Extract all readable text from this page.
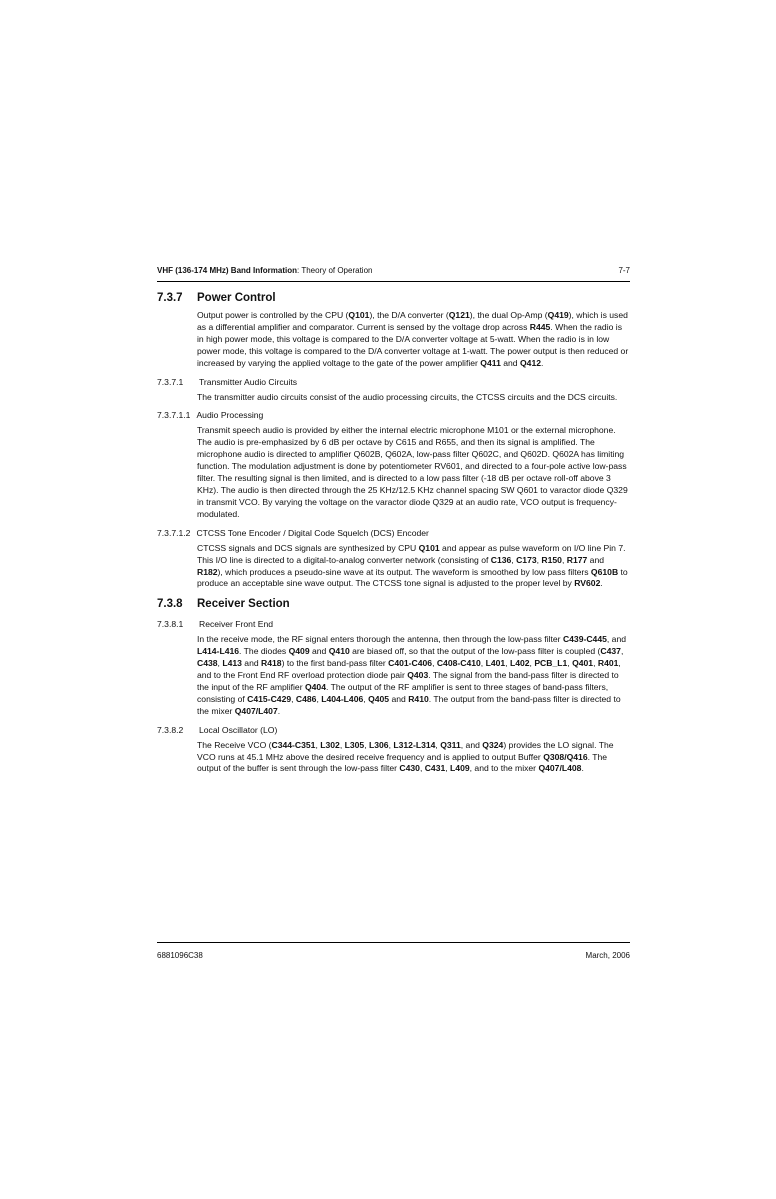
VHF (136-174 MHz) Band Information: Theory of Operation	7-7
7.3.7	Power Control

Output power is controlled by the CPU (Q101), the D/A converter (Q121), the dual Op-Amp (Q419), which is used as a differential amplifier and comparator. Current is sensed by the voltage drop across R445. When the radio is in high power mode, this voltage is compared to the D/A converter voltage at 5-watt. When the radio is in low power mode, this voltage is compared to the D/A converter voltage at 1-watt. The power output is then reduced or increased by varying the applied voltage to the gate of the power amplifier Q411 and Q412.

7.3.7.1	Transmitter Audio Circuits

The transmitter audio circuits consist of the audio processing circuits, the CTCSS circuits and the DCS circuits.

7.3.7.1.1 Audio Processing

Transmit speech audio is provided by either the internal electric microphone M101 or the external microphone. The audio is pre-emphasized by 6 dB per octave by C615 and R655, and then its signal is amplified. The microphone audio is directed to amplifier Q602B, Q602A, low-pass filter Q602C, and Q602D. Q602A has limiting function. The modulation adjustment is done by potentiometer RV601, and directed to a four-pole active low-pass filter. The resulting signal is then limited, and is directed to a low pass filter (-18 dB per octave roll-off above 3 KHz). The audio is then directed through the 25 KHz/12.5 KHz channel spacing SW Q601 to varactor diode Q329 in transmit VCO. By varying the voltage on the varactor diode Q329 at an audio rate, VCO output is frequency-modulated.

7.3.7.1.2 CTCSS Tone Encoder / Digital Code Squelch (DCS) Encoder

CTCSS signals and DCS signals are synthesized by CPU Q101 and appear as pulse waveform on I/O line Pin 7. This I/O line is directed to a digital-to-analog converter network (consisting of C136, C173, R150, R177 and R182), which produces a pseudo-sine wave at its output. The waveform is smoothed by low pass filters Q610B to produce an acceptable sine wave output. The CTCSS tone signal is adjusted to the proper level by RV602.

7.3.8	Receiver Section
7.3.8.1	Receiver Front End

In the receive mode, the RF signal enters thorough the antenna, then through the low-pass filter C439-C445, and L414-L416. The diodes Q409 and Q410 are biased off, so that the output of the low-pass filter is coupled (C437, C438, L413 and R418) to the first band-pass filter C401-C406, C408-C410, L401, L402, PCB_L1, Q401, R401, and to the Front End RF overload protection diode pair Q403. The signal from the band-pass filter is directed to the input of the RF amplifier Q404. The output of the RF amplifier is sent to three stages of band-pass filters, consisting of C415-C429, C486, L404-L406, Q405 and R410. The output from the band-pass filter is directed to the mixer Q407/L407.

7.3.8.2	Local Oscillator (LO)

The Receive VCO (C344-C351, L302, L305, L306, L312-L314, Q311, and Q324) provides the LO signal. The VCO runs at 45.1 MHz above the desired receive frequency and is applied to output Buffer Q308/Q416. The output of the buffer is sent through the low-pass filter C430, C431, L409, and to the mixer Q407/L408.

6881096C38	March, 2006
